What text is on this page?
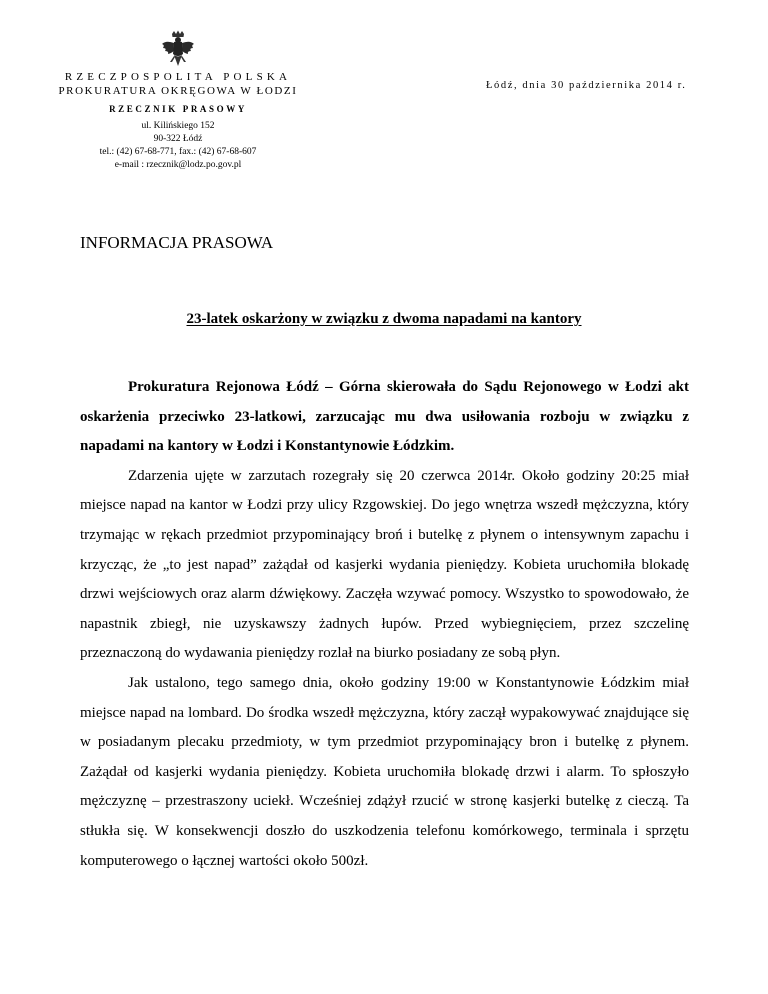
RZECZPOSPOLITA POLSKA
PROKURATURA OKRĘGOWA W ŁODZI
RZECZNIK PRASOWY
ul. Kilińskiego 152
90-322 Łódź
tel.: (42) 67-68-771, fax.: (42) 67-68-607
e-mail : rzecznik@lodz.po.gov.pl
Łódź, dnia 30 października 2014 r.
INFORMACJA PRASOWA
23-latek oskarżony w związku z dwoma napadami na kantory

Prokuratura Rejonowa Łódź – Górna skierowała do Sądu Rejonowego w Łodzi akt oskarżenia przeciwko 23-latkowi, zarzucając mu dwa usiłowania rozboju w związku z napadami na kantory w Łodzi i Konstantynowie Łódzkim.

Zdarzenia ujęte w zarzutach rozegrały się 20 czerwca 2014r. Około godziny 20:25 miał miejsce napad na kantor w Łodzi przy ulicy Rzgowskiej. Do jego wnętrza wszedł mężczyzna, który trzymając w rękach przedmiot przypominający broń i butelkę z płynem o intensywnym zapachu i krzycząc, że „to jest napad” zażądał od kasjerki wydania pieniędzy. Kobieta uruchomiła blokadę drzwi wejściowych oraz alarm dźwiękowy. Zaczęła wzywać pomocy. Wszystko to spowodowało, że napastnik zbiegł, nie uzyskawszy żadnych łupów. Przed wybiegnięciem, przez szczelinę przeznaczoną do wydawania pieniędzy rozlał na biurko posiadany ze sobą płyn.

Jak ustalono, tego samego dnia, około godziny 19:00 w Konstantynowie Łódzkim miał miejsce napad na lombard. Do środka wszedł mężczyzna, który zaczął wypakowywać znajdujące się w posiadanym plecaku przedmioty, w tym przedmiot przypominający bron i butelkę z płynem. Zażądał od kasjerki wydania pieniędzy. Kobieta uruchomiła blokadę drzwi i alarm. To spłoszyło mężczyznę – przestraszony uciekł. Wcześniej zdążył rzucić w stronę kasjerki butelkę z cieczą. Ta stłukła się. W konsekwencji doszło do uszkodzenia telefonu komórkowego, terminala i sprzętu komputerowego o łącznej wartości około 500zł.
